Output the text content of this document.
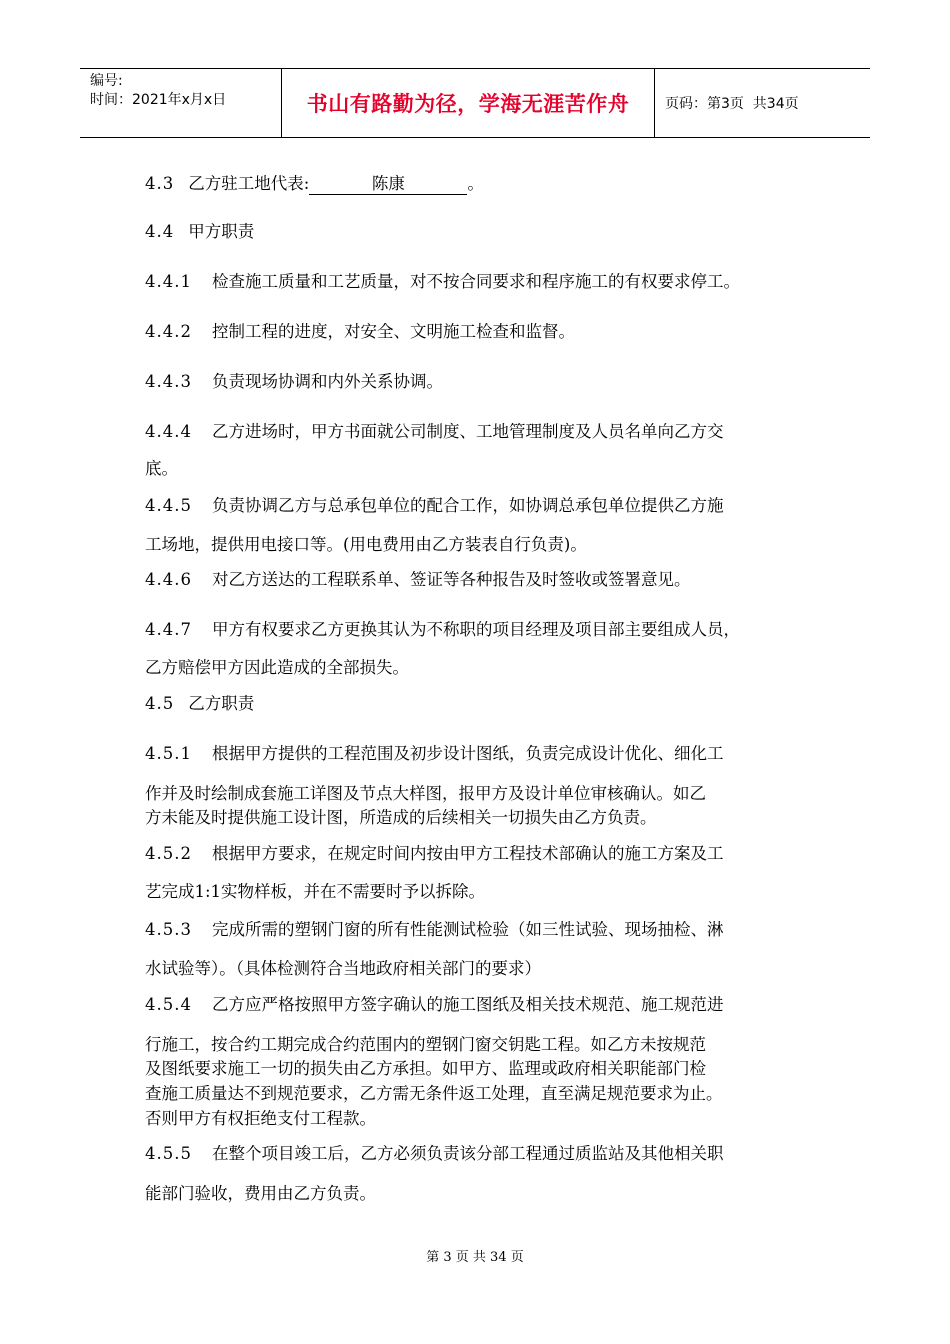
编号:
时间：2021年x月x日	书山有路勤为径，学海无涯苦作舟	页码：第3页  共34页
4.3 乙方驻工地代表:	陈康	。
4.4 甲方职责
4.4.1 检查施工质量和工艺质量，对不按合同要求和程序施工的有权要求停工。
4.4.2 控制工程的进度，对安全、文明施工检查和监督。
4.4.3 负责现场协调和内外关系协调。
4.4.4 乙方进场时，甲方书面就公司制度、工地管理制度及人员名单向乙方交
底。
4.4.5 负责协调乙方与总承包单位的配合工作，如协调总承包单位提供乙方施
工场地，提供用电接口等。(用电费用由乙方装表自行负责)。
4.4.6 对乙方送达的工程联系单、签证等各种报告及时签收或签署意见。
4.4.7 甲方有权要求乙方更换其认为不称职的项目经理及项目部主要组成人员，
乙方赔偿甲方因此造成的全部损失。
4.5 乙方职责
4.5.1 根据甲方提供的工程范围及初步设计图纸，负责完成设计优化、细化工
作并及时绘制成套施工详图及节点大样图，报甲方及设计单位审核确认。如乙
方未能及时提供施工设计图，所造成的后续相关一切损失由乙方负责。
4.5.2 根据甲方要求，在规定时间内按由甲方工程技术部确认的施工方案及工
艺完成1:1实物样板，并在不需要时予以拆除。
4.5.3 完成所需的塑钢门窗的所有性能测试检验（如三性试验、现场抽检、淋
水试验等）。（具体检测符合当地政府相关部门的要求）
4.5.4 乙方应严格按照甲方签字确认的施工图纸及相关技术规范、施工规范进
行施工，按合约工期完成合约范围内的塑钢门窗交钥匙工程。如乙方未按规范
及图纸要求施工一切的损失由乙方承担。如甲方、监理或政府相关职能部门检
查施工质量达不到规范要求，乙方需无条件返工处理，直至满足规范要求为止。
否则甲方有权拒绝支付工程款。
4.5.5 在整个项目竣工后，乙方必须负责该分部工程通过质监站及其他相关职
能部门验收，费用由乙方负责。
第 3 页 共 34 页
